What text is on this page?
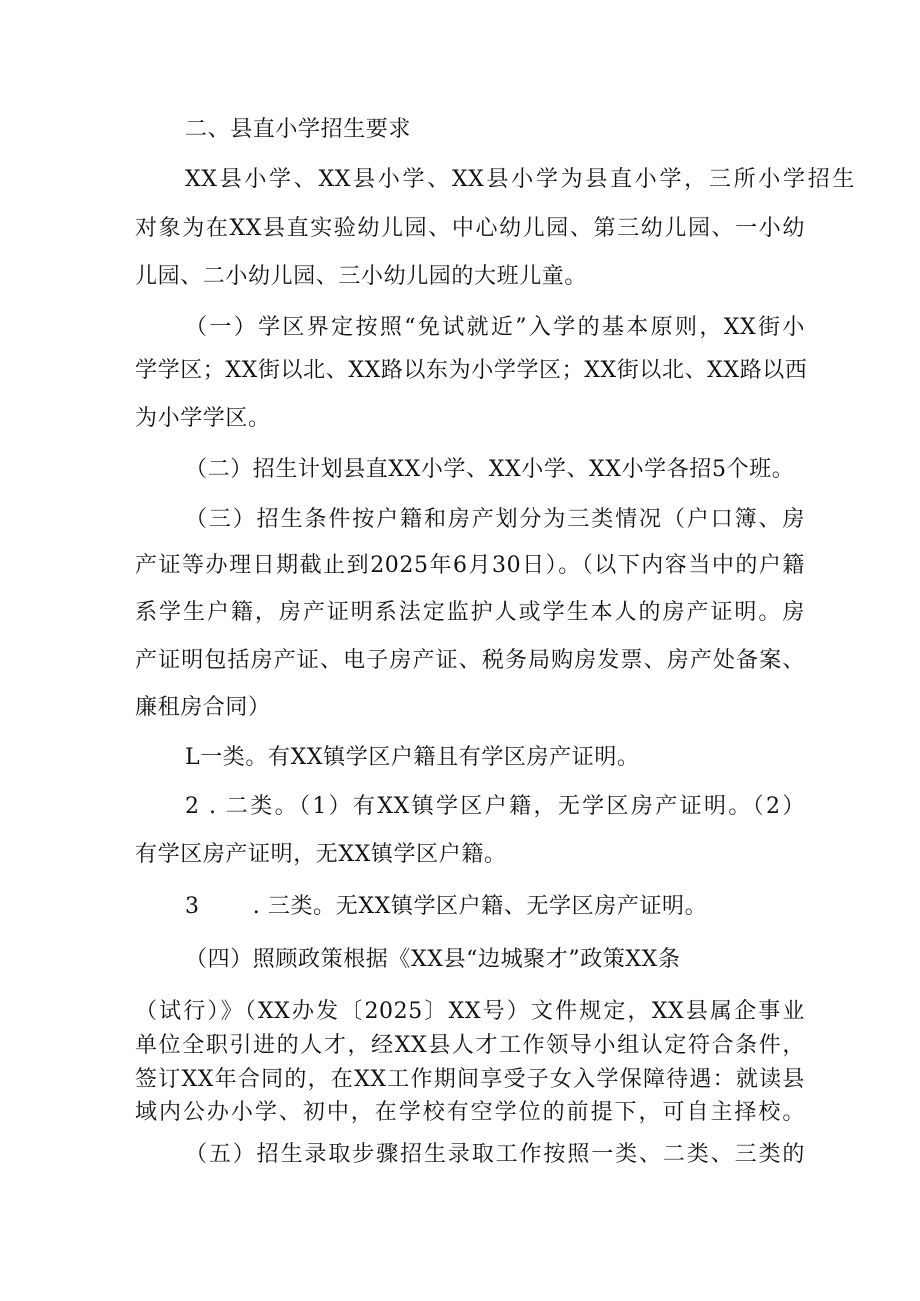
二、县直小学招生要求

XX县小学、XX县小学、XX县小学为县直小学，三所小学招生

对象为在XX县直实验幼儿园、中心幼儿园、第三幼儿园、一小幼

儿园、二小幼儿园、三小幼儿园的大班儿童。

（一）学区界定按照“免试就近”入学的基本原则，XX街小

学学区；XX街以北、XX路以东为小学学区；XX街以北、XX路以西

为小学学区。

（二）招生计划县直XX小学、XX小学、XX小学各招5个班。

（三）招生条件按户籍和房产划分为三类情况（户口簿、房

产证等办理日期截止到2025年6月30日）。（以下内容当中的户籍

系学生户籍，房产证明系法定监护人或学生本人的房产证明。房

产证明包括房产证、电子房产证、税务局购房发票、房产处备案、

廉租房合同）

L一类。有XX镇学区户籍且有学区房产证明。

2 . 二类。（1）有XX镇学区户籍，无学区房产证明。（2）

有学区房产证明，无XX镇学区户籍。

3       . 三类。无XX镇学区户籍、无学区房产证明。

（四）照顾政策根据《XX县“边城聚才”政策XX条

（试行）》（XX办发〔2025〕XX号）文件规定，XX县属企事业

单位全职引进的人才，经XX县人才工作领导小组认定符合条件，

签订XX年合同的，在XX工作期间享受子女入学保障待遇：就读县

域内公办小学、初中，在学校有空学位的前提下，可自主择校。

（五）招生录取步骤招生录取工作按照一类、二类、三类的
